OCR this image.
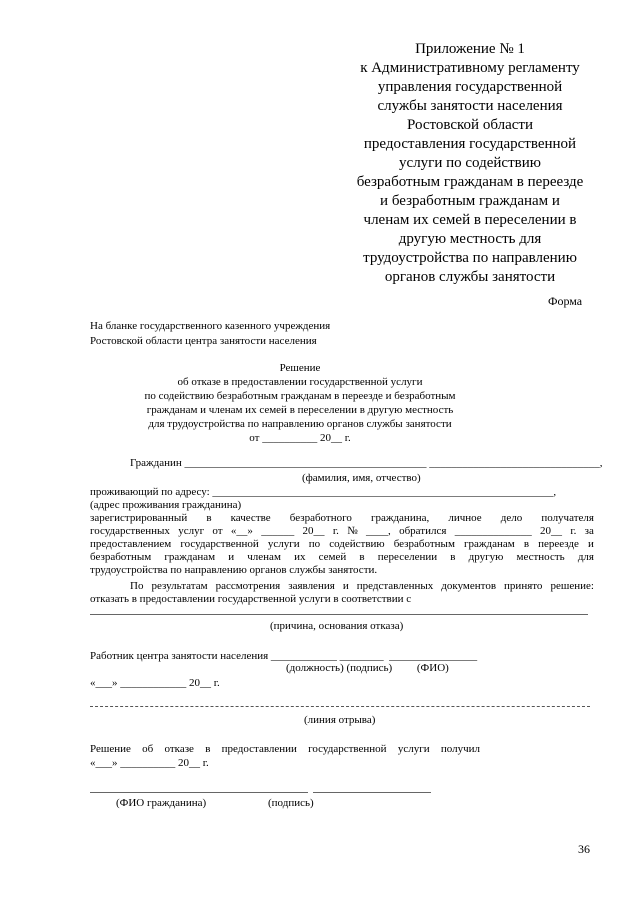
Приложение № 1
к Административному регламенту
управления государственной
службы занятости населения
Ростовской области
предоставления государственной
услуги по содействию
безработным гражданам в переезде
и безработным гражданам и
членам их семей в переселении в
другую местность для
трудоустройства по направлению
органов службы занятости
Форма
На бланке государственного казенного учреждения
Ростовской области центра занятости населения
Решение
об отказе в предоставлении государственной услуги
по содействию безработным гражданам в переезде и безработным
гражданам и членам их семей в переселении в другую местность
для трудоустройства по направлению органов службы занятости
от __________ 20__ г.
Гражданин ____________________________________________ _______________________________,
(фамилия, имя, отчество)
проживающий по адресу: ______________________________________________________________,
(адрес проживания гражданина)
зарегистрированный в качестве безработного гражданина, личное дело получателя
государственных услуг от «__» ______ 20__ г. № ____, обратился ______________ 20__ г. за
предоставлением государственной услуги по содействию безработным гражданам в переезде и
безработным гражданам и членам их семей в переселении в другую местность для
трудоустройства по направлению органов службы занятости.
По результатам рассмотрения заявления и представленных документов принято решение:
отказать в предоставлении государственной услуги в соответствии с
(причина, основания отказа)
Работник центра занятости населения ____________ ________  ________________
(должность) (подпись)         (ФИО)
«___» ____________ 20__ г.
(линия отрыва)
Решение об отказе в предоставлении государственной услуги получил
«___» __________ 20__ г.
(ФИО гражданина)	(подпись)
36
